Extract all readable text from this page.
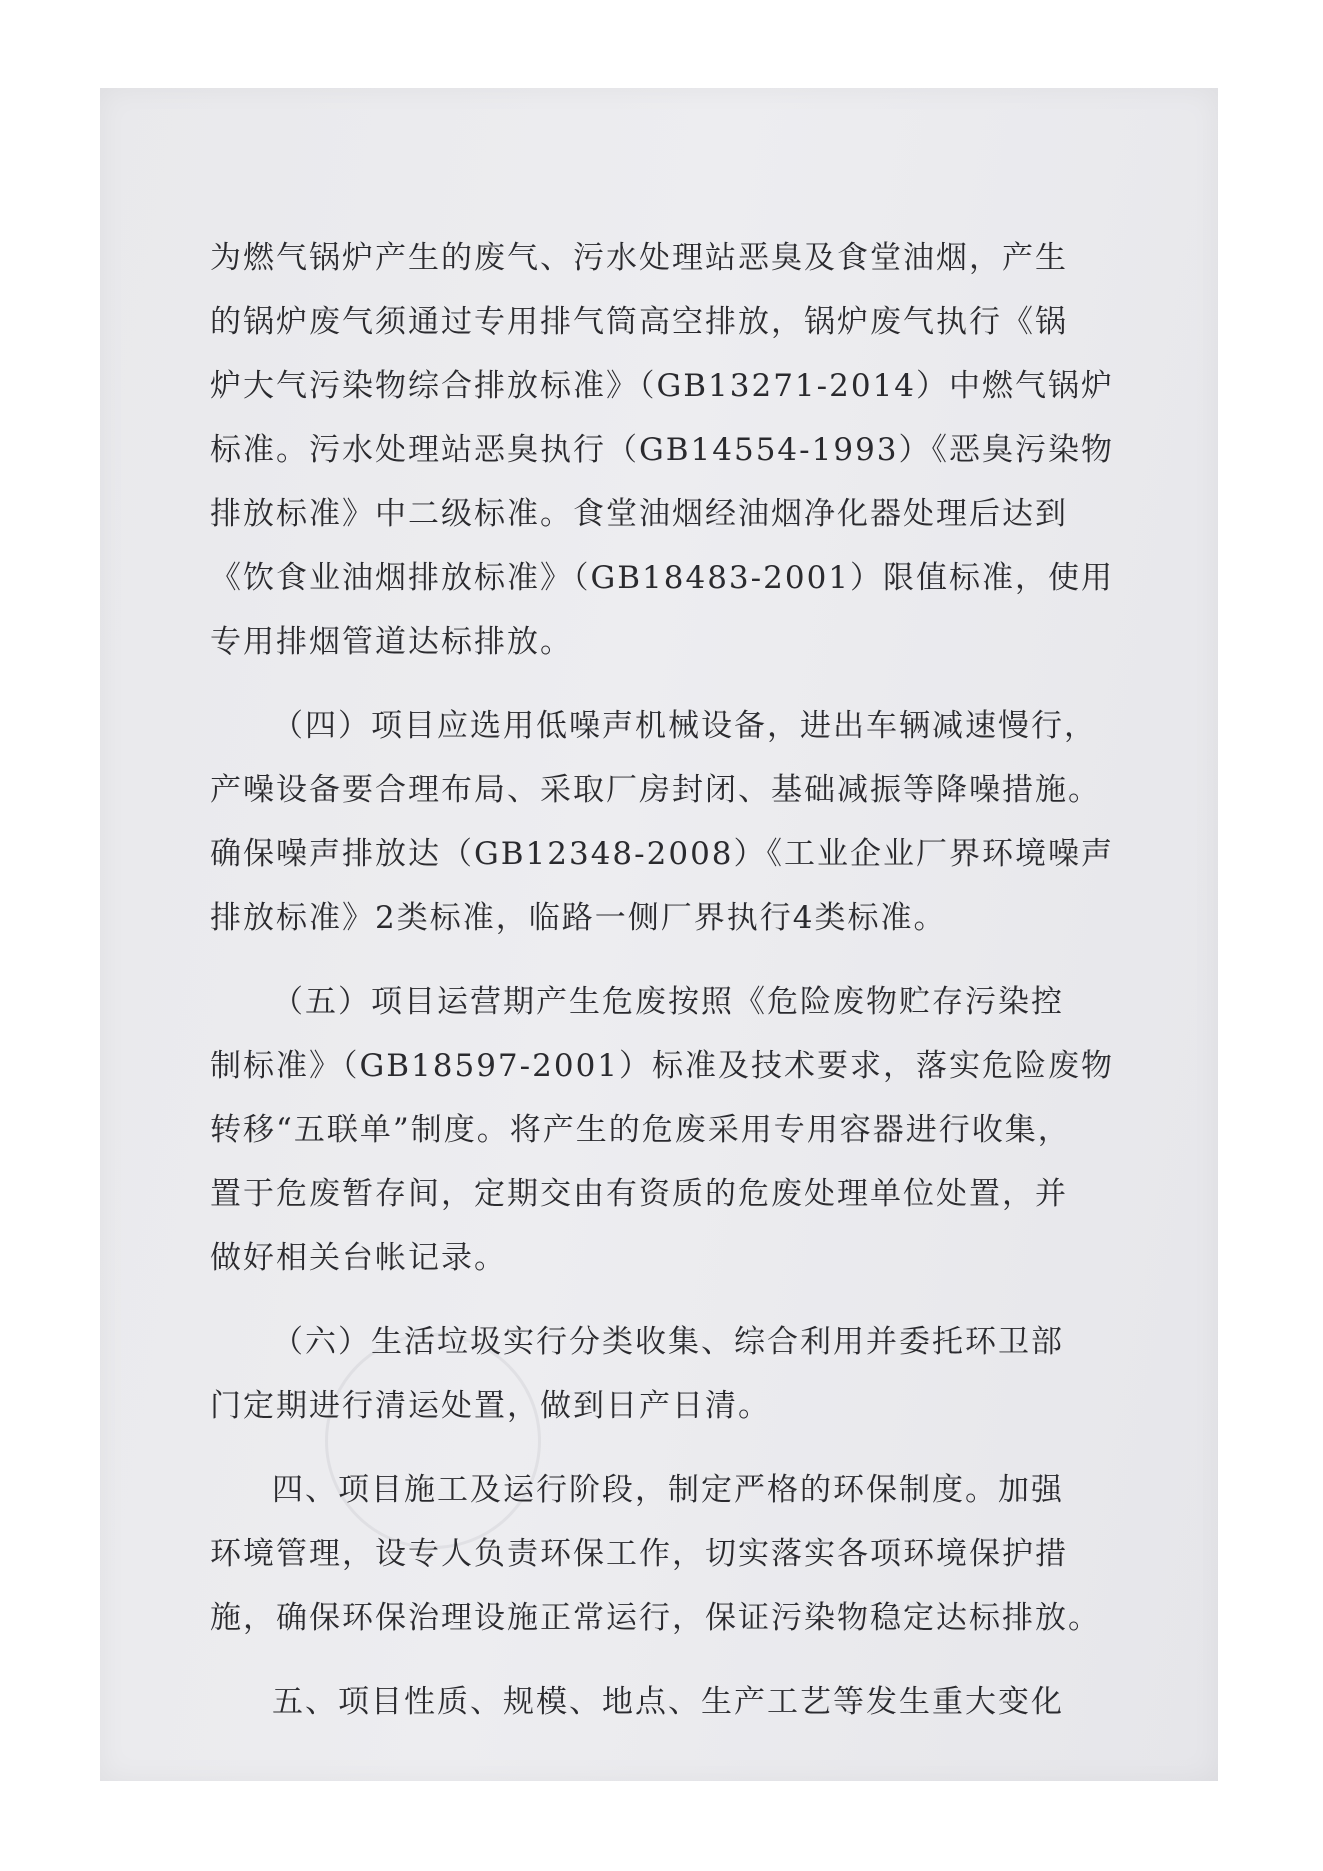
为燃气锅炉产生的废气、污水处理站恶臭及食堂油烟，产生
的锅炉废气须通过专用排气筒高空排放，锅炉废气执行《锅
炉大气污染物综合排放标准》（GB13271-2014）中燃气锅炉
标准。污水处理站恶臭执行（GB14554-1993）《恶臭污染物
排放标准》中二级标准。食堂油烟经油烟净化器处理后达到
《饮食业油烟排放标准》（GB18483-2001）限值标准，使用
专用排烟管道达标排放。
（四）项目应选用低噪声机械设备，进出车辆减速慢行，
产噪设备要合理布局、采取厂房封闭、基础减振等降噪措施。
确保噪声排放达（GB12348-2008）《工业企业厂界环境噪声
排放标准》2类标准，临路一侧厂界执行4类标准。
（五）项目运营期产生危废按照《危险废物贮存污染控
制标准》（GB18597-2001）标准及技术要求，落实危险废物
转移“五联单”制度。将产生的危废采用专用容器进行收集，
置于危废暂存间，定期交由有资质的危废处理单位处置，并
做好相关台帐记录。
（六）生活垃圾实行分类收集、综合利用并委托环卫部
门定期进行清运处置，做到日产日清。
四、项目施工及运行阶段，制定严格的环保制度。加强
环境管理，设专人负责环保工作，切实落实各项环境保护措
施，确保环保治理设施正常运行，保证污染物稳定达标排放。
五、项目性质、规模、地点、生产工艺等发生重大变化
